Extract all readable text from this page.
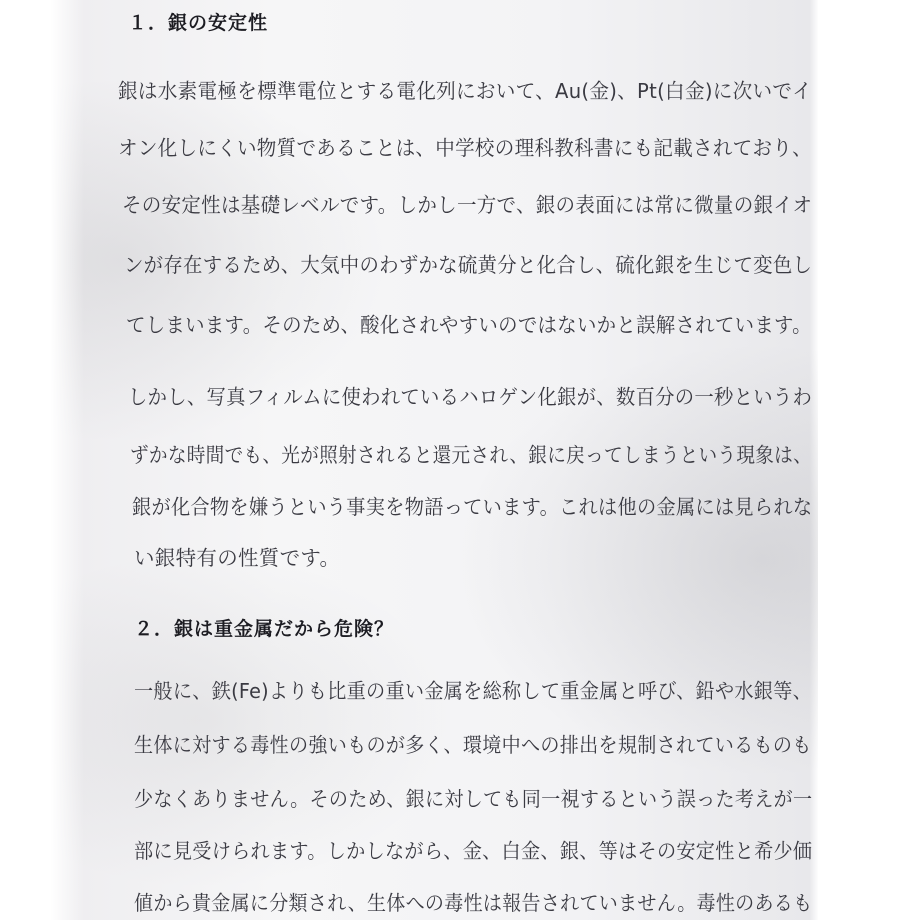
１．銀の安定性
銀は水素電極を標準電位とする電化列において、Au(金)、Pt(白金)に次いでイ
オン化しにくい物質であることは、中学校の理科教科書にも記載されており、
その安定性は基礎レベルです。しかし一方で、銀の表面には常に微量の銀イオ
ンが存在するため、大気中のわずかな硫黄分と化合し、硫化銀を生じて変色し
てしまいます。そのため、酸化されやすいのではないかと誤解されています。
しかし、写真フィルムに使われているハロゲン化銀が、数百分の一秒というわ
ずかな時間でも、光が照射されると還元され、銀に戻ってしまうという現象は、
銀が化合物を嫌うという事実を物語っています。これは他の金属には見られな
い銀特有の性質です。
２．銀は重金属だから危険？
一般に、鉄(Fe)よりも比重の重い金属を総称して重金属と呼び、鉛や水銀等、
生体に対する毒性の強いものが多く、環境中への排出を規制されているものも
少なくありません。そのため、銀に対しても同一視するという誤った考えが一
部に見受けられます。しかしながら、金、白金、銀、等はその安定性と希少価
値から貴金属に分類され、生体への毒性は報告されていません。毒性のあるも
